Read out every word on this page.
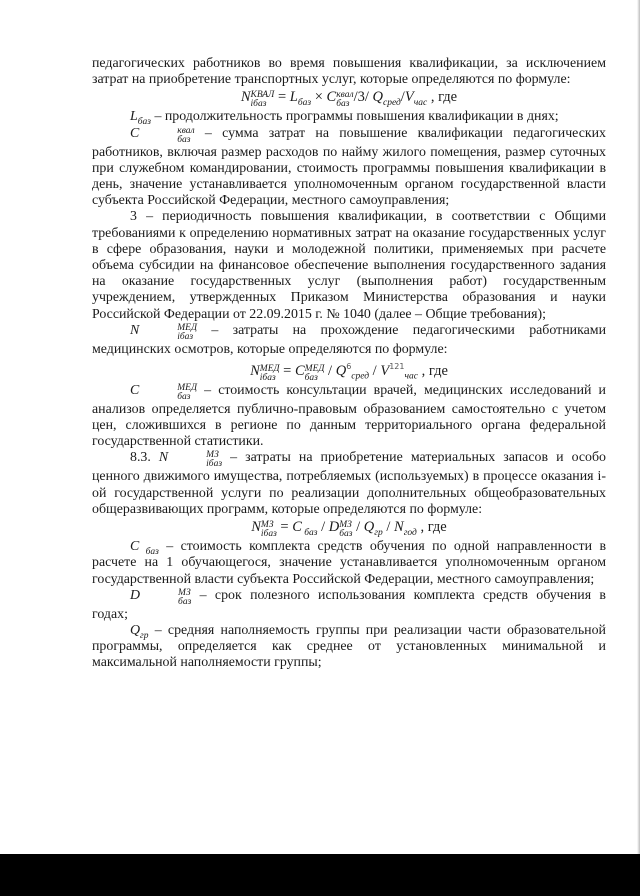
педагогических работников во время повышения квалификации, за исключением затрат на приобретение транспортных услуг, которые определяются по формуле:

N КВАЛ
iбаз = $L_{баз} \times C$ квал
баз /3/ $Q_{сред}/V_{час}$ , где

$L_{баз}$ – продолжительность программы повышения квалификации в днях;

C	квал
баз – сумма затрат на повышение квалификации педагогических работников, включая размер расходов по найму жилого помещения, размер суточных при служебном командировании, стоимость программы повышения квалификации в день, значение устанавливается уполномоченным органом государственной власти субъекта Российской Федерации, местного самоуправления;

3 – периодичность повышения квалификации, в соответствии с Общими требованиями к определению нормативных затрат на оказание государственных услуг в сфере образования, науки и молодежной политики, применяемых при расчете объема субсидии на финансовое обеспечение выполнения государственного задания на оказание государственных услуг (выполнения работ) государственным учреждением, утвержденных Приказом Министерства образования и науки Российской Федерации от 22.09.2015 г. № 1040 (далее – Общие требования);

N	МЕД
iбаз – затраты на прохождение педагогическими работниками медицинских осмотров, которые определяются по формуле:

N МЕД
iбаз = C МЕД
баз / $Q^6_{сред} / V^{121}_{час}$ , где

C	МЕД
баз – стоимость консультации врачей, медицинских исследований и анализов определяется публично-правовым образованием самостоятельно с учетом цен, сложившихся в регионе по данным территориального органа федеральной государственной статистики.

8.3. N	МЗ
iбаз – затраты на приобретение материальных запасов и особо ценного движимого имущества, потребляемых (используемых) в процессе оказания i-ой государственной услуги по реализации дополнительных общеобразовательных общеразвивающих программ, которые определяются по формуле:

N МЗ
iбаз = C $_{баз}$ / D МЗ
баз / $Q_{гр} / N_{год}$ , где

C $_{баз}$ – стоимость комплекта средств обучения по одной направленности в расчете на 1 обучающегося, значение устанавливается уполномоченным органом государственной власти субъекта Российской Федерации, местного самоуправления;

D	МЗ
баз – срок полезного использования комплекта средств обучения в годах;

$Q_{гр}$ – средняя наполняемость группы при реализации части образовательной программы, определяется как среднее от установленных минимальной и максимальной наполняемости группы;
